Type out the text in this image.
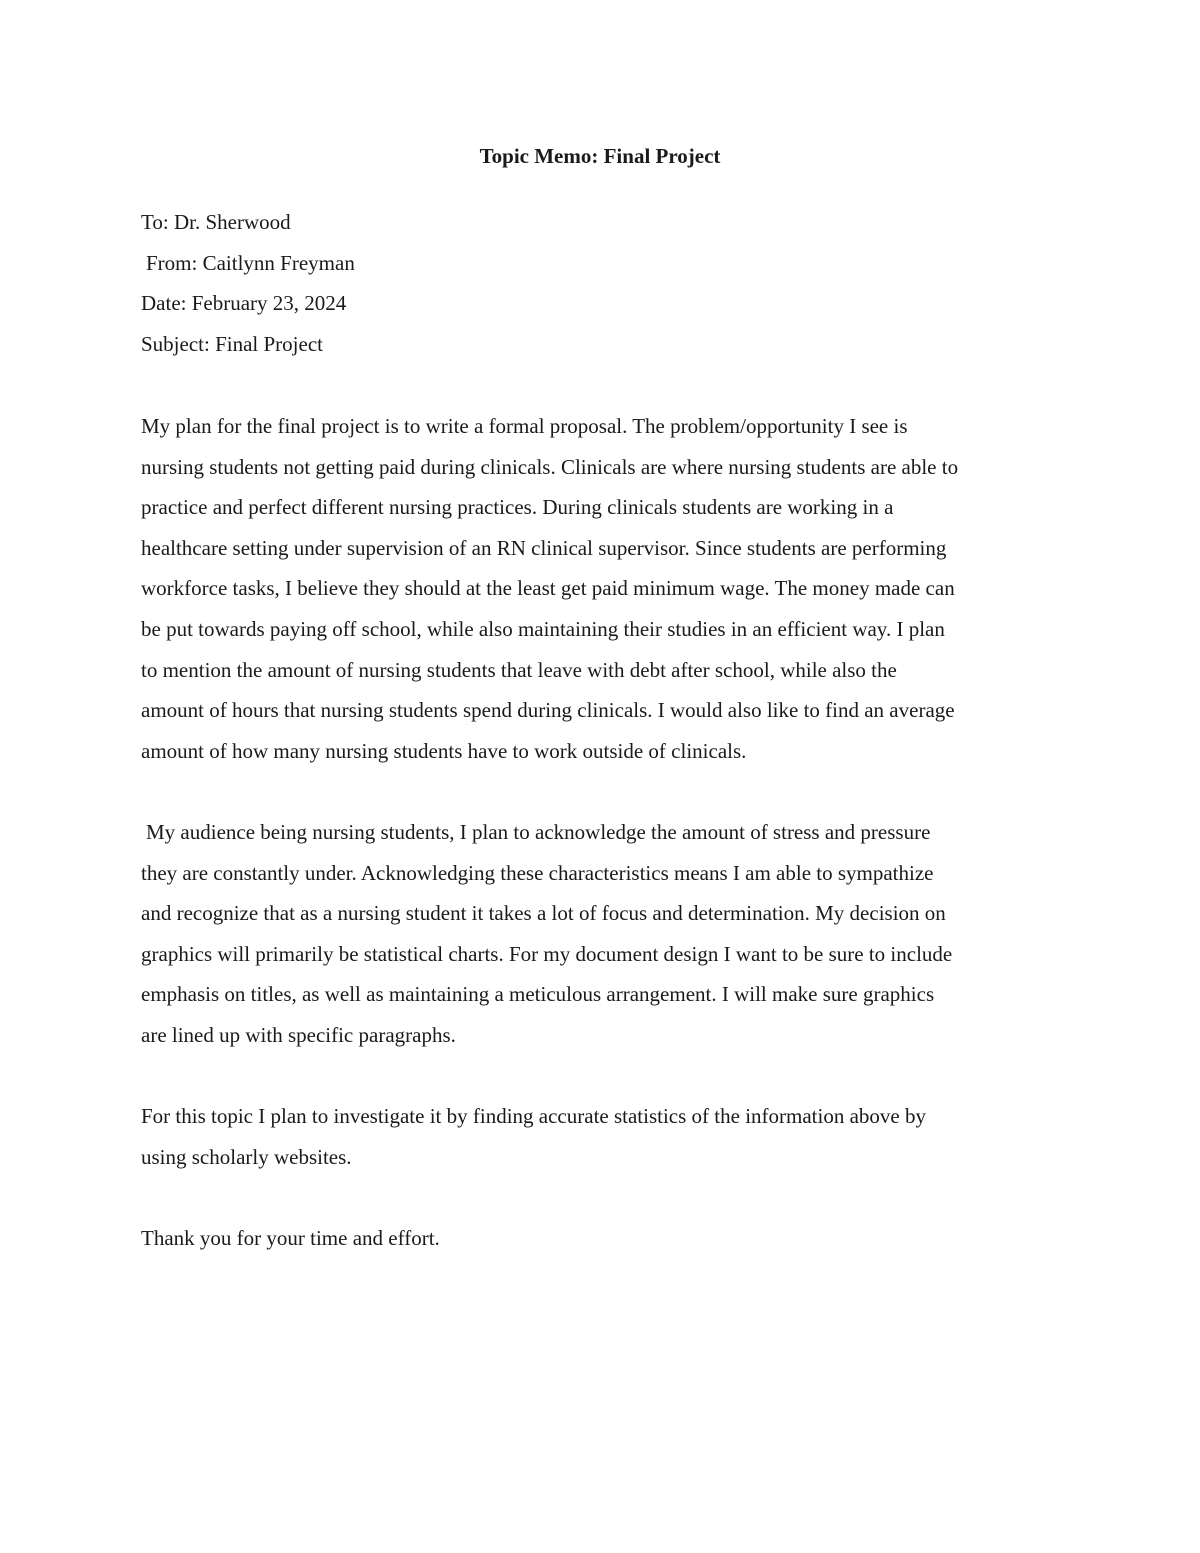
Topic Memo: Final Project
To: Dr. Sherwood
From: Caitlynn Freyman
Date: February 23, 2024
Subject: Final Project

My plan for the final project is to write a formal proposal. The problem/opportunity I see is
nursing students not getting paid during clinicals. Clinicals are where nursing students are able to
practice and perfect different nursing practices. During clinicals students are working in a
healthcare setting under supervision of an RN clinical supervisor. Since students are performing
workforce tasks, I believe they should at the least get paid minimum wage. The money made can
be put towards paying off school, while also maintaining their studies in an efficient way. I plan
to mention the amount of nursing students that leave with debt after school, while also the
amount of hours that nursing students spend during clinicals. I would also like to find an average
amount of how many nursing students have to work outside of clinicals.

My audience being nursing students, I plan to acknowledge the amount of stress and pressure
they are constantly under. Acknowledging these characteristics means I am able to sympathize
and recognize that as a nursing student it takes a lot of focus and determination. My decision on
graphics will primarily be statistical charts. For my document design I want to be sure to include
emphasis on titles, as well as maintaining a meticulous arrangement. I will make sure graphics
are lined up with specific paragraphs.

For this topic I plan to investigate it by finding accurate statistics of the information above by
using scholarly websites.

Thank you for your time and effort.
